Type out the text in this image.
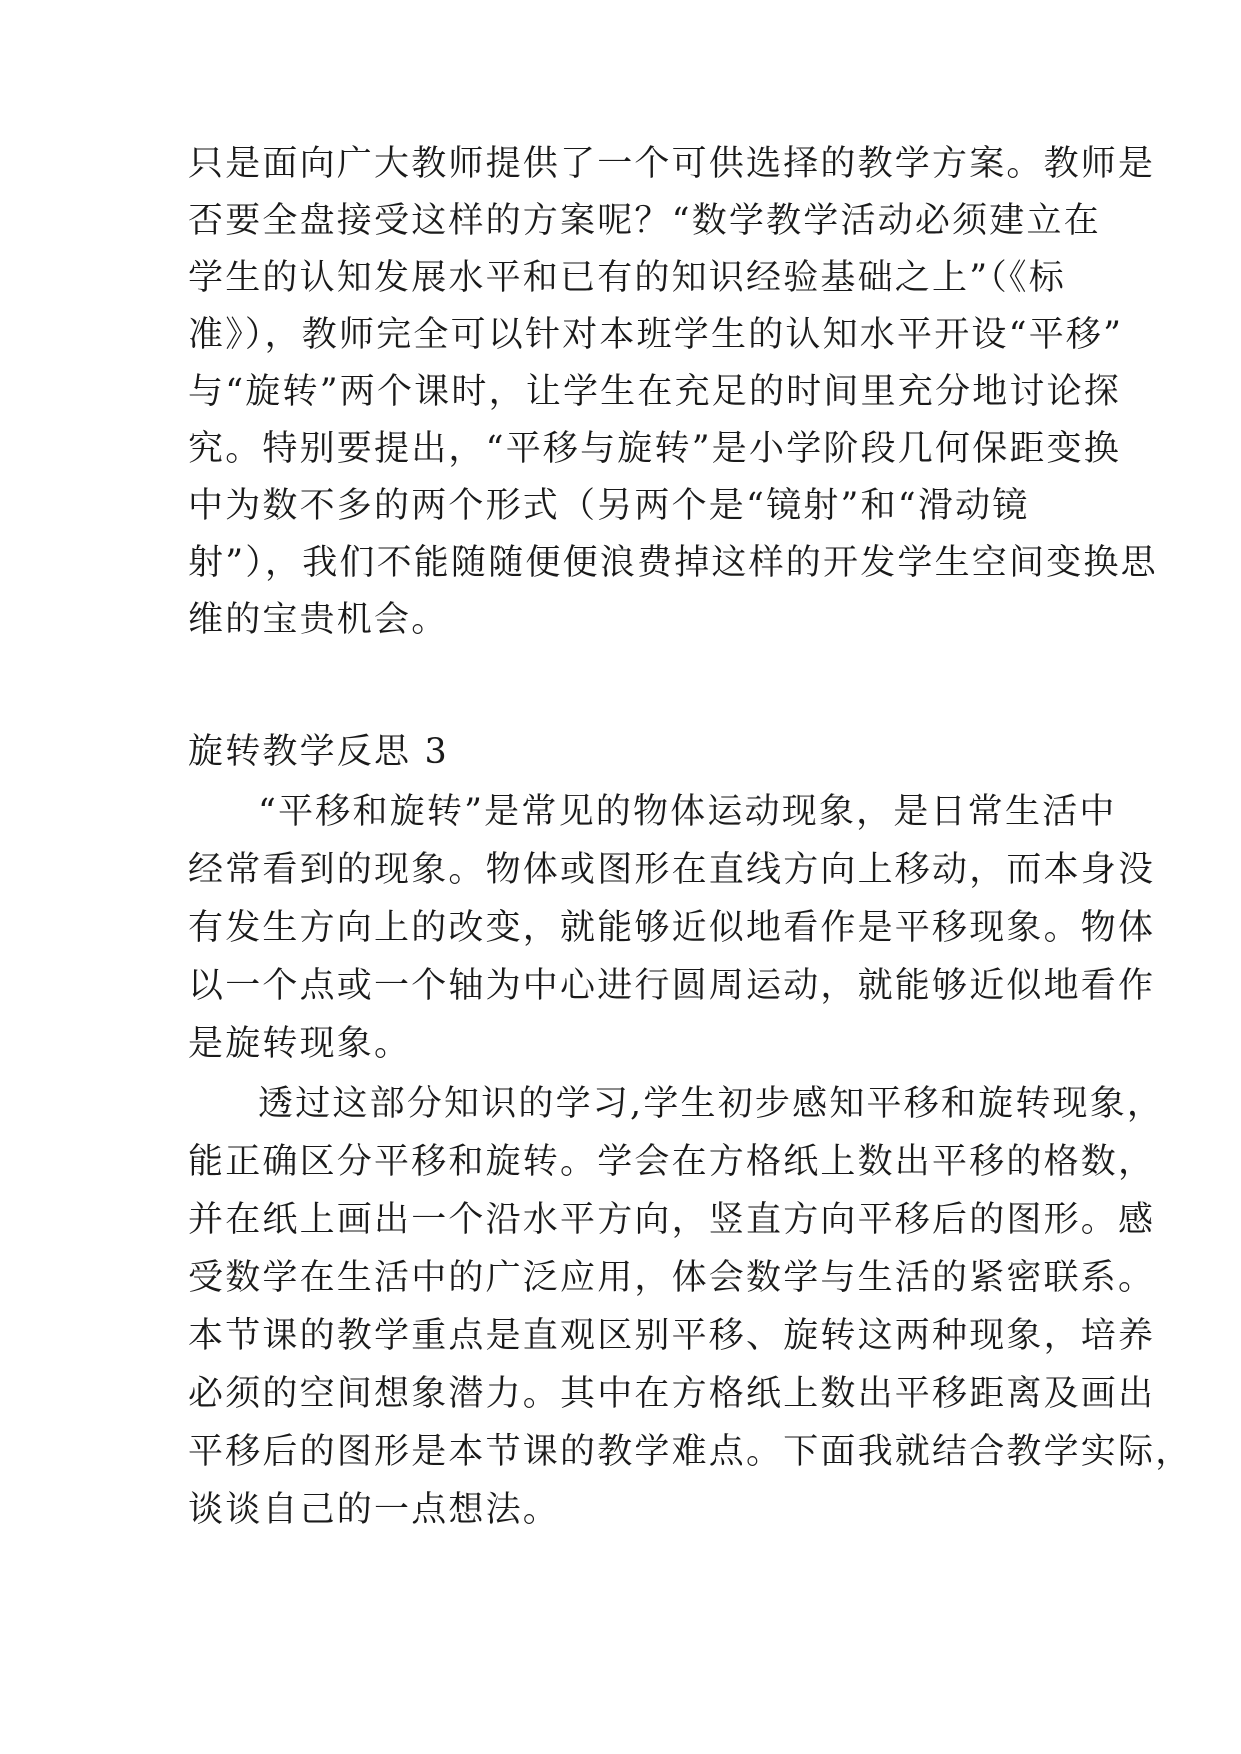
只是面向广大教师提供了一个可供选择的教学方案。教师是
否要全盘接受这样的方案呢？“数学教学活动必须建立在
学生的认知发展水平和已有的知识经验基础之上”（《标
准》），教师完全可以针对本班学生的认知水平开设“平移”
与“旋转”两个课时，让学生在充足的时间里充分地讨论探
究。特别要提出，“平移与旋转”是小学阶段几何保距变换
中为数不多的两个形式（另两个是“镜射”和“滑动镜
射”），我们不能随随便便浪费掉这样的开发学生空间变换思
维的宝贵机会。
旋转教学反思 3
“平移和旋转”是常见的物体运动现象，是日常生活中
经常看到的现象。物体或图形在直线方向上移动，而本身没
有发生方向上的改变，就能够近似地看作是平移现象。物体
以一个点或一个轴为中心进行圆周运动，就能够近似地看作
是旋转现象。
透过这部分知识的学习,学生初步感知平移和旋转现象，
能正确区分平移和旋转。学会在方格纸上数出平移的格数，
并在纸上画出一个沿水平方向，竖直方向平移后的图形。感
受数学在生活中的广泛应用，体会数学与生活的紧密联系。
本节课的教学重点是直观区别平移、旋转这两种现象，培养
必须的空间想象潜力。其中在方格纸上数出平移距离及画出
平移后的图形是本节课的教学难点。下面我就结合教学实际，
谈谈自己的一点想法。
